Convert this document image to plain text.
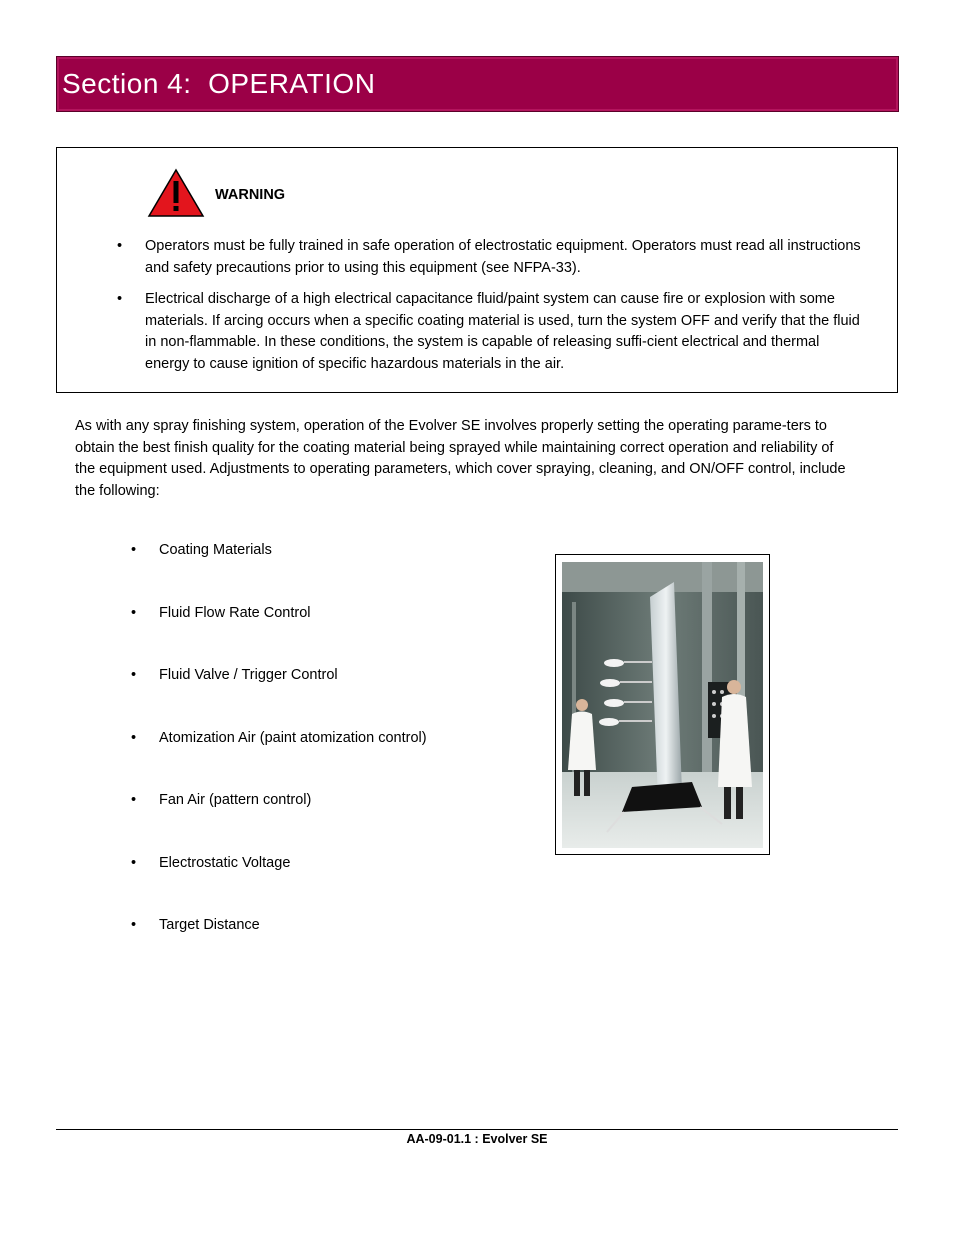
Section 4:  OPERATION
WARNING
• Operators must be fully trained in safe operation of electrostatic equipment. Operators must read all instructions and safety precautions prior to using this equipment (see NFPA-33).
• Electrical discharge of a high electrical capacitance fluid/paint system can cause fire or explosion with some materials. If arcing occurs when a specific coating material is used, turn the system OFF and verify that the fluid in non-flammable. In these conditions, the system is capable of releasing suffi-cient electrical and thermal energy to cause ignition of specific hazardous materials in the air.
As with any spray finishing system, operation of the Evolver SE involves properly setting the operating parame-ters to obtain the best finish quality for the coating material being sprayed while maintaining correct operation and reliability of the equipment used. Adjustments to operating parameters, which cover spraying, cleaning, and ON/OFF control, include the following:
• Coating Materials
• Fluid Flow Rate Control
• Fluid Valve / Trigger Control
• Atomization Air (paint atomization control)
• Fan Air (pattern control)
• Electrostatic Voltage
• Target Distance
AA-09-01.1 : Evolver SE
